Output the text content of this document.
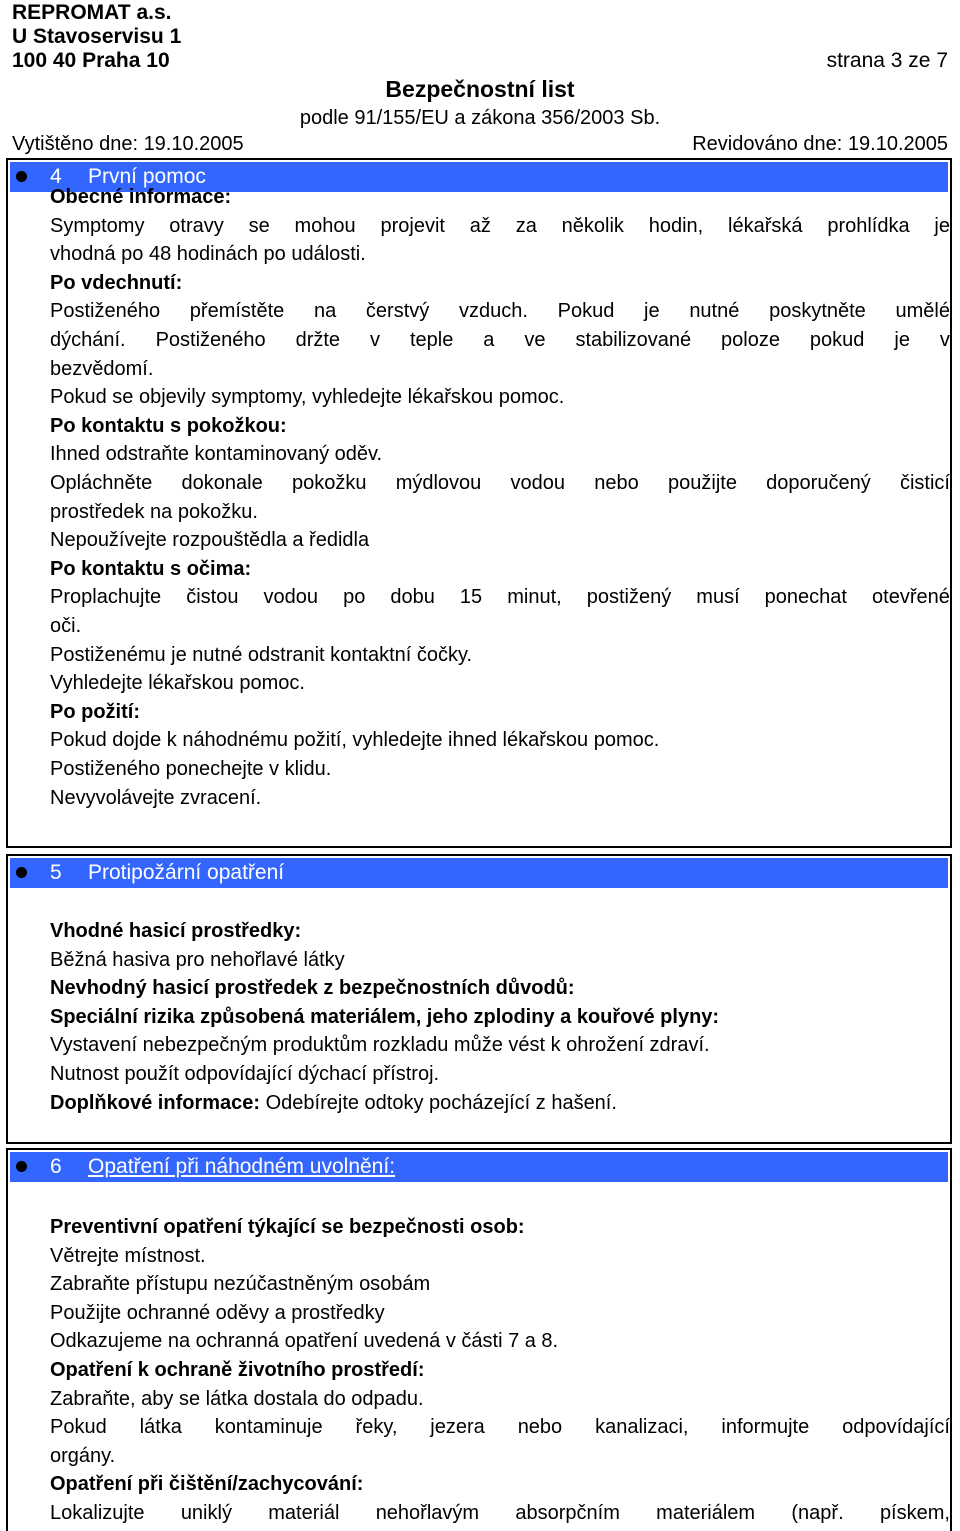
REPROMAT a.s.
U Stavoservisu 1
100 40 Praha 10	strana 3 ze 7
Bezpečnostní list
podle 91/155/EU a zákona 356/2003 Sb.
Vytištěno dne: 19.10.2005	Revidováno dne: 19.10.2005
4 První pomoc
Obecné informace:
Symptomy otravy se mohou projevit až za několik hodin, lékařská prohlídka je
vhodná po 48 hodinách po události.
Po vdechnutí:
Postiženého přemístěte na čerstvý vzduch. Pokud je nutné poskytněte umělé
dýchání. Postiženého držte v teple a ve stabilizované poloze pokud je v
bezvědomí.
Pokud se objevily symptomy, vyhledejte lékařskou pomoc.
Po kontaktu s pokožkou:
Ihned odstraňte kontaminovaný oděv.
Opláchněte dokonale pokožku mýdlovou vodou nebo použijte doporučený čisticí
prostředek na pokožku.
Nepoužívejte rozpouštědla a ředidla
Po kontaktu s očima:
Proplachujte čistou vodou po dobu 15 minut, postižený musí ponechat otevřené
oči.
Postiženému je nutné odstranit kontaktní čočky.
Vyhledejte lékařskou pomoc.
Po požití:
Pokud dojde k náhodnému požití, vyhledejte ihned lékařskou pomoc.
Postiženého ponechejte v klidu.
Nevyvolávejte zvracení.
5 Protipožární opatření
Vhodné hasicí prostředky:
Běžná hasiva pro nehořlavé látky
Nevhodný hasicí prostředek z bezpečnostních důvodů:
Speciální rizika způsobená materiálem, jeho zplodiny a kouřové plyny:
Vystavení nebezpečným produktům rozkladu může vést k ohrožení zdraví.
Nutnost použít odpovídající dýchací přístroj.
Doplňkové informace: Odebírejte odtoky pocházející z hašení.
6 Opatření při náhodném uvolnění:
Preventivní opatření týkající se bezpečnosti osob:
Větrejte místnost.
Zabraňte přístupu nezúčastněným osobám
Použijte ochranné oděvy a prostředky
Odkazujeme na ochranná opatření uvedená v části 7 a 8.
Opatření k ochraně životního prostředí:
Zabraňte, aby se látka dostala do odpadu.
Pokud látka kontaminuje řeky, jezera nebo kanalizaci, informujte odpovídající
orgány.
Opatření při čištění/zachycování:
Lokalizujte uniklý materiál nehořlavým absorpčním materiálem (např. pískem,
